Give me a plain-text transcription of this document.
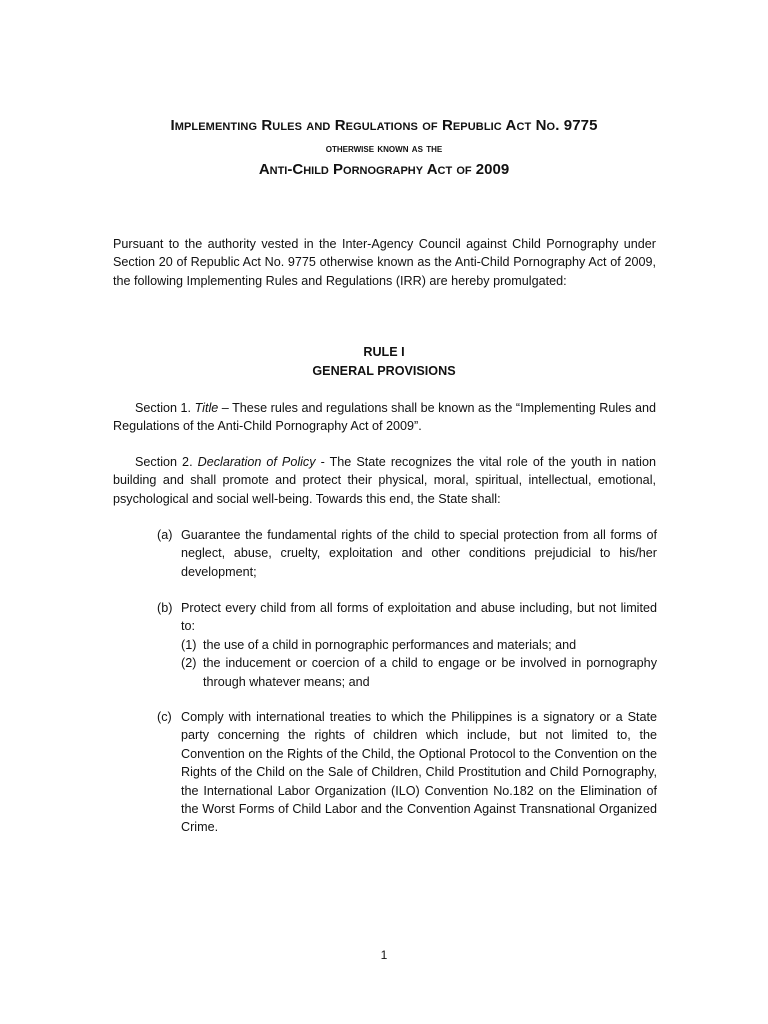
Implementing Rules and Regulations of Republic Act No. 9775
otherwise known as the
Anti-Child Pornography Act of 2009
Pursuant to the authority vested in the Inter-Agency Council against Child Pornography under Section 20 of Republic Act No. 9775 otherwise known as the Anti-Child Pornography Act of 2009, the following Implementing Rules and Regulations (IRR) are hereby promulgated:
RULE I
GENERAL PROVISIONS
Section 1. Title – These rules and regulations shall be known as the “Implementing Rules and Regulations of the Anti-Child Pornography Act of 2009”.
Section 2. Declaration of Policy - The State recognizes the vital role of the youth in nation building and shall promote and protect their physical, moral, spiritual, intellectual, emotional, psychological and social well-being. Towards this end, the State shall:
(a) Guarantee the fundamental rights of the child to special protection from all forms of neglect, abuse, cruelty, exploitation and other conditions prejudicial to his/her development;
(b) Protect every child from all forms of exploitation and abuse including, but not limited to:
(1) the use of a child in pornographic performances and materials; and
(2) the inducement or coercion of a child to engage or be involved in pornography through whatever means; and
(c) Comply with international treaties to which the Philippines is a signatory or a State party concerning the rights of children which include, but not limited to, the Convention on the Rights of the Child, the Optional Protocol to the Convention on the Rights of the Child on the Sale of Children, Child Prostitution and Child Pornography, the International Labor Organization (ILO) Convention No.182 on the Elimination of the Worst Forms of Child Labor and the Convention Against Transnational Organized Crime.
1
